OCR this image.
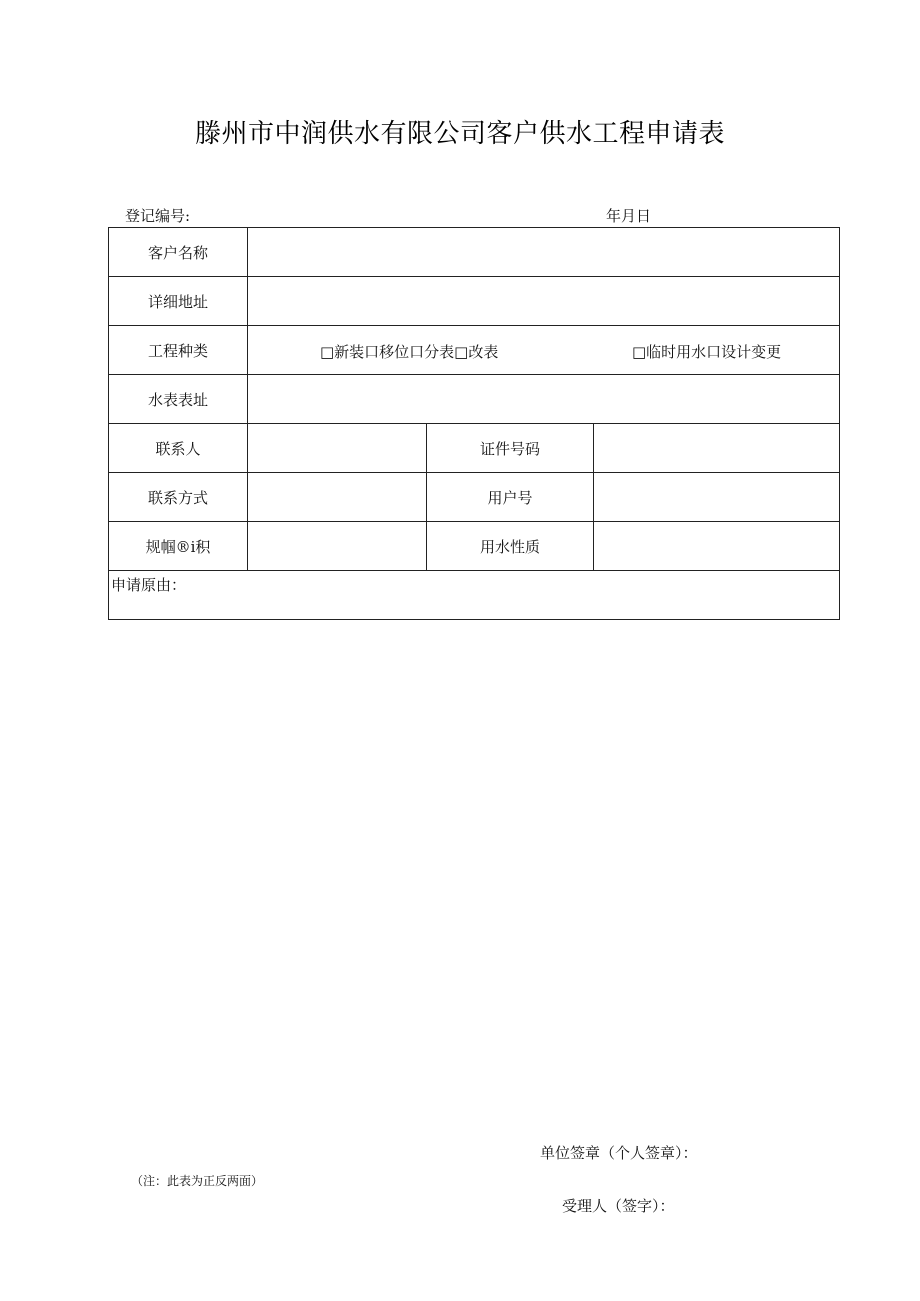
滕州市中润供水有限公司客户供水工程申请表
登记编号:	年月日
客户名称			
详细地址			
工程种类	□新装口移位口分表□改表 □临时用水口设计变更		

水表表址			
联系人		证件号码	
联系方式		用户号	
规帼®i积		用水性质	

申请原由：
单位签章（个人签章）：			
（注：此表为正反两面）
受理人（签字）：
